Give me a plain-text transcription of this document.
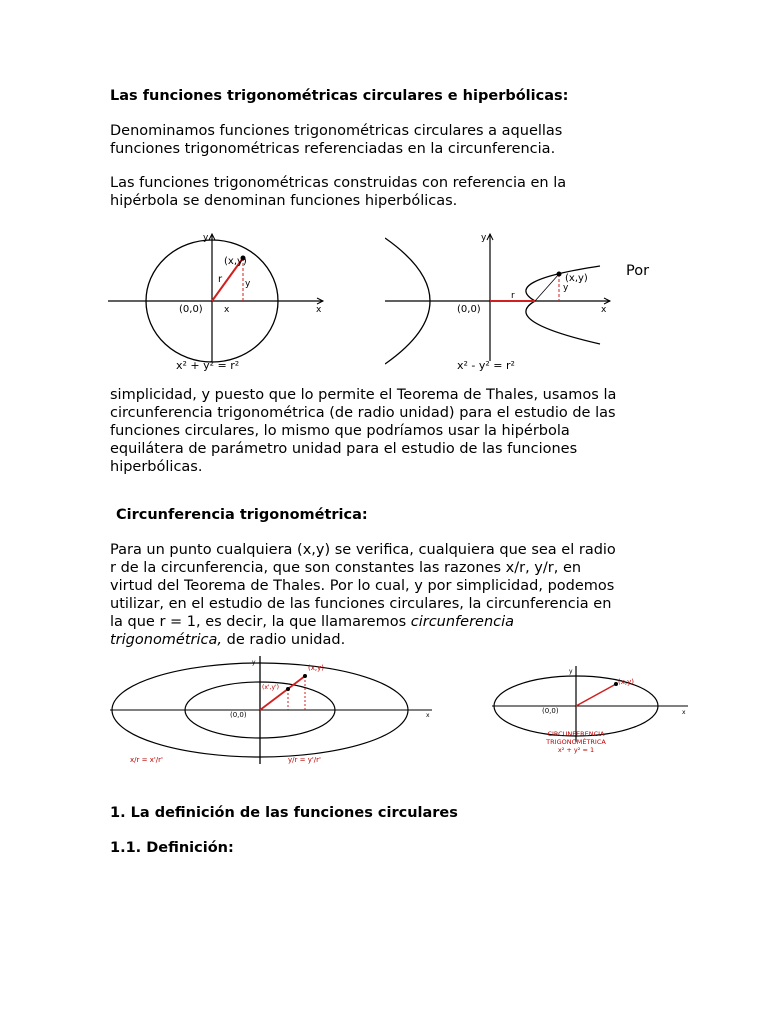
Las funciones trigonométricas circulares e hiperbólicas:

Denominamos funciones trigonométricas circulares a aquellas

funciones trigonométricas referenciadas en la circunferencia.

Las funciones trigonométricas construidas con referencia en la

hipérbola se denominan funciones hiperbólicas.

(x,y)
r	y
x
(0,0)
y
x
x² + y² = r²
(x,y)
r
y
(0,0)
y
x
x² - y² = r²

Por

simplicidad, y puesto que lo permite el Teorema de Thales, usamos la

circunferencia trigonométrica (de radio unidad) para el estudio de las

funciones circulares, lo mismo que podríamos usar la hipérbola

equilátera de parámetro unidad para el estudio de las funciones

hiperbólicas.

Circunferencia trigonométrica:

Para un punto cualquiera (x,y) se verifica, cualquiera que sea el radio

r de la circunferencia, que son constantes las razones x/r, y/r, en

virtud del Teorema de Thales. Por lo cual, y por simplicidad, podemos

utilizar, en el estudio de las funciones circulares, la circunferencia en

la que r = 1, es decir, la que llamaremos circunferencia

trigonométrica, de radio unidad.

(x,y)
(x',y')
(0,0)
y
x
x/r = x'/r'	y/r = y'/r'
(x,y)
(0,0)
y
x
CIRCUNFERENCIA
TRIGONOMÉTRICA
x² + y² = 1

1. La definición de las funciones circulares

1.1. Definición:
